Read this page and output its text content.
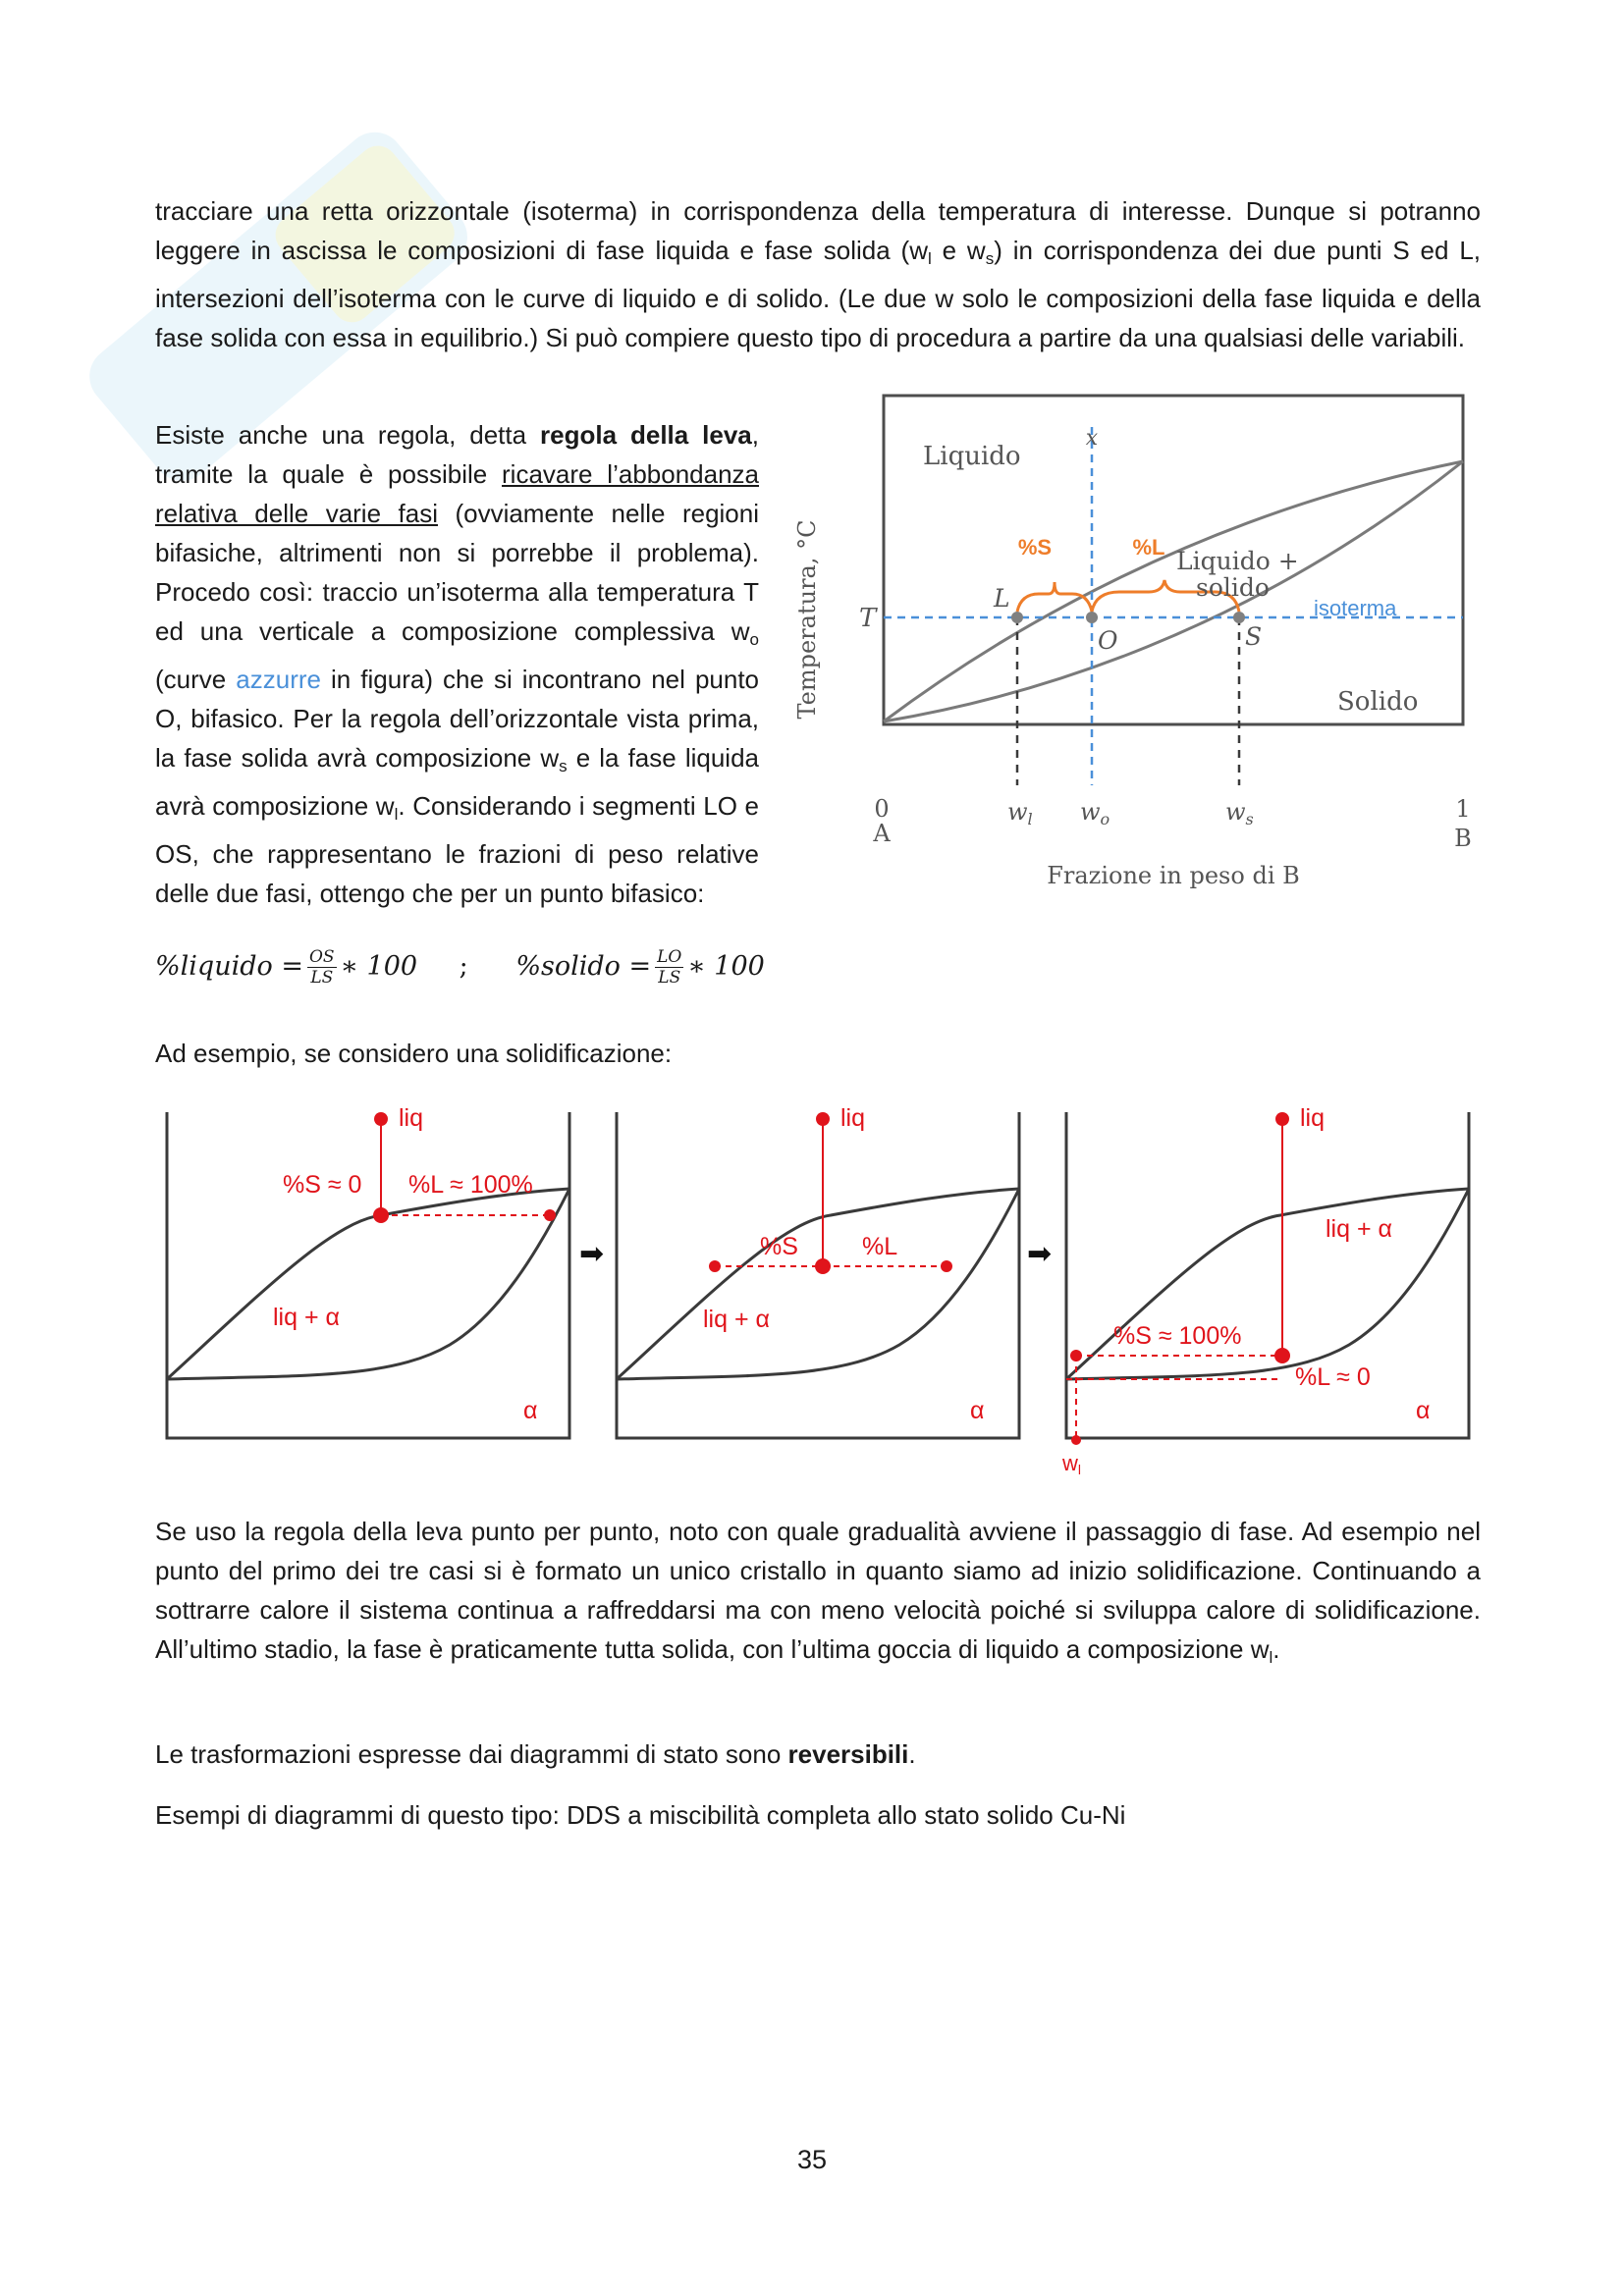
tracciare una retta orizzontale (isoterma) in corrispondenza della temperatura di interesse. Dunque si potranno leggere in ascissa le composizioni di fase liquida e fase solida ($w_l$ e $w_s$) in corrispondenza dei due punti S ed L, intersezioni dell’isoterma con le curve di liquido e di solido. (Le due w solo le composizioni della fase liquida e della fase solida con essa in equilibrio.) Si può compiere questo tipo di procedura a partire da una qualsiasi delle variabili.

Esiste anche una regola, detta regola della leva, tramite la quale è possibile ricavare l’abbondanza relativa delle varie fasi (ovviamente nelle regioni bifasiche, altrimenti non si porrebbe il problema). Procedo così: traccio un’isoterma alla temperatura T ed una verticale a composizione complessiva $w_o$ (curve azzurre in figura) che si incontrano nel punto O, bifasico. Per la regola dell’orizzontale vista prima, la fase solida avrà composizione $w_s$ e la fase liquida avrà composizione $w_l$. Considerando i segmenti LO e OS, che rappresentano le frazioni di peso relative delle due fasi, ottengo che per un punto bifasico:
%liquido = $\frac{OS}{LS}$ ∗ 100 ; %solido = $\frac{LO}{LS}$ ∗ 100
%S	%L
Liquido
Liquido +
solido
Solido
Temperatura, °C
Frazione in peso di B
x
T
L
O	S
isoterma
0
A
1
B
$w_l$ $w_o$	$w_s$

Ad esempio, se considero una solidificazione:

liq
%S ≈ 0 %L ≈ 100%
liq + α
α
➡
liq
%S	%L
liq + α
α
➡
liq
liq + α
%S ≈ 100%
%L ≈ 0
α
wl

Se uso la regola della leva punto per punto, noto con quale gradualità avviene il passaggio di fase. Ad esempio nel punto del primo dei tre casi si è formato un unico cristallo in quanto siamo ad inizio solidificazione. Continuando a sottrarre calore il sistema continua a raffreddarsi ma con meno velocità poiché si sviluppa calore di solidificazione. All’ultimo stadio, la fase è praticamente tutta solida, con l’ultima goccia di liquido a composizione $w_l$.

Le trasformazioni espresse dai diagrammi di stato sono reversibili.

Esempi di diagrammi di questo tipo: DDS a miscibilità completa allo stato solido Cu-Ni

35
